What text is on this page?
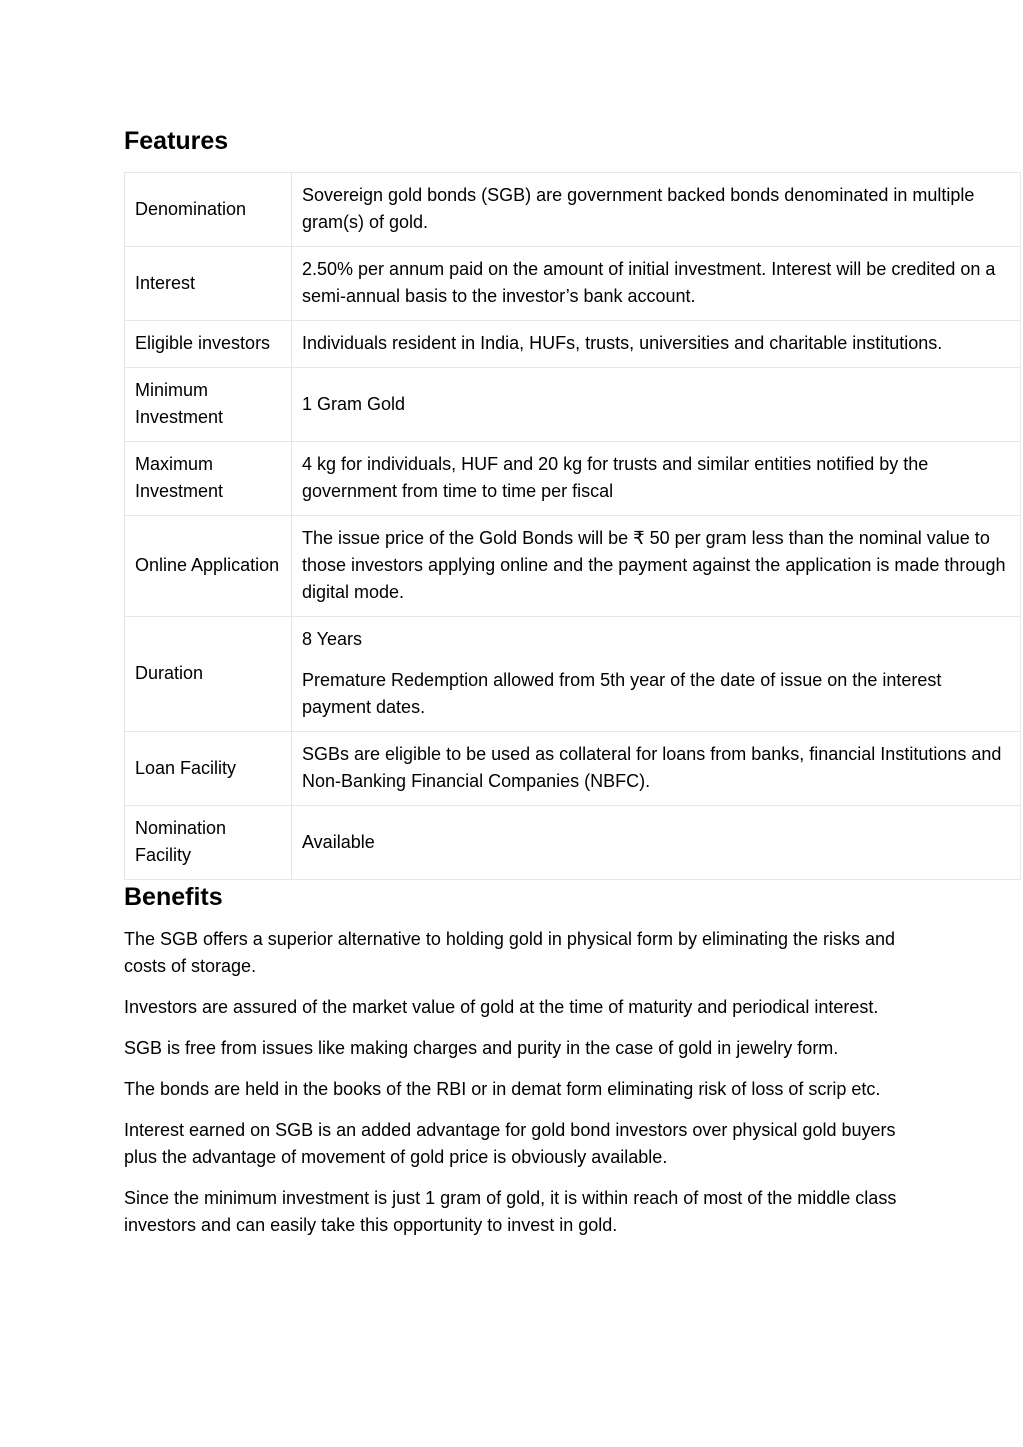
Features
Denomination	Sovereign gold bonds (SGB) are government backed bonds denominated in multiple gram(s) of gold.

Interest	2.50% per annum paid on the amount of initial investment. Interest will be credited on a semi-annual basis to the investor’s bank account.

Eligible investors	Individuals resident in India, HUFs, trusts, universities and charitable institutions.

Minimum Investment	1 Gram Gold

Maximum Investment	4 kg for individuals, HUF and 20 kg for trusts and similar entities notified by the government from time to time per fiscal

Online Application	The issue price of the Gold Bonds will be ₹ 50 per gram less than the nominal value to those investors applying online and the payment against the application is made through digital mode.

Duration	8 Years

Premature Redemption allowed from 5th year of the date of issue on the interest payment dates.

Loan Facility	SGBs are eligible to be used as collateral for loans from banks, financial Institutions and Non-Banking Financial Companies (NBFC).

Nomination Facility	Available

Benefits

The SGB offers a superior alternative to holding gold in physical form by eliminating the risks and costs of storage.

Investors are assured of the market value of gold at the time of maturity and periodical interest.

SGB is free from issues like making charges and purity in the case of gold in jewelry form.

The bonds are held in the books of the RBI or in demat form eliminating risk of loss of scrip etc.

Interest earned on SGB is an added advantage for gold bond investors over physical gold buyers plus the advantage of movement of gold price is obviously available.

Since the minimum investment is just 1 gram of gold, it is within reach of most of the middle class investors and can easily take this opportunity to invest in gold.
